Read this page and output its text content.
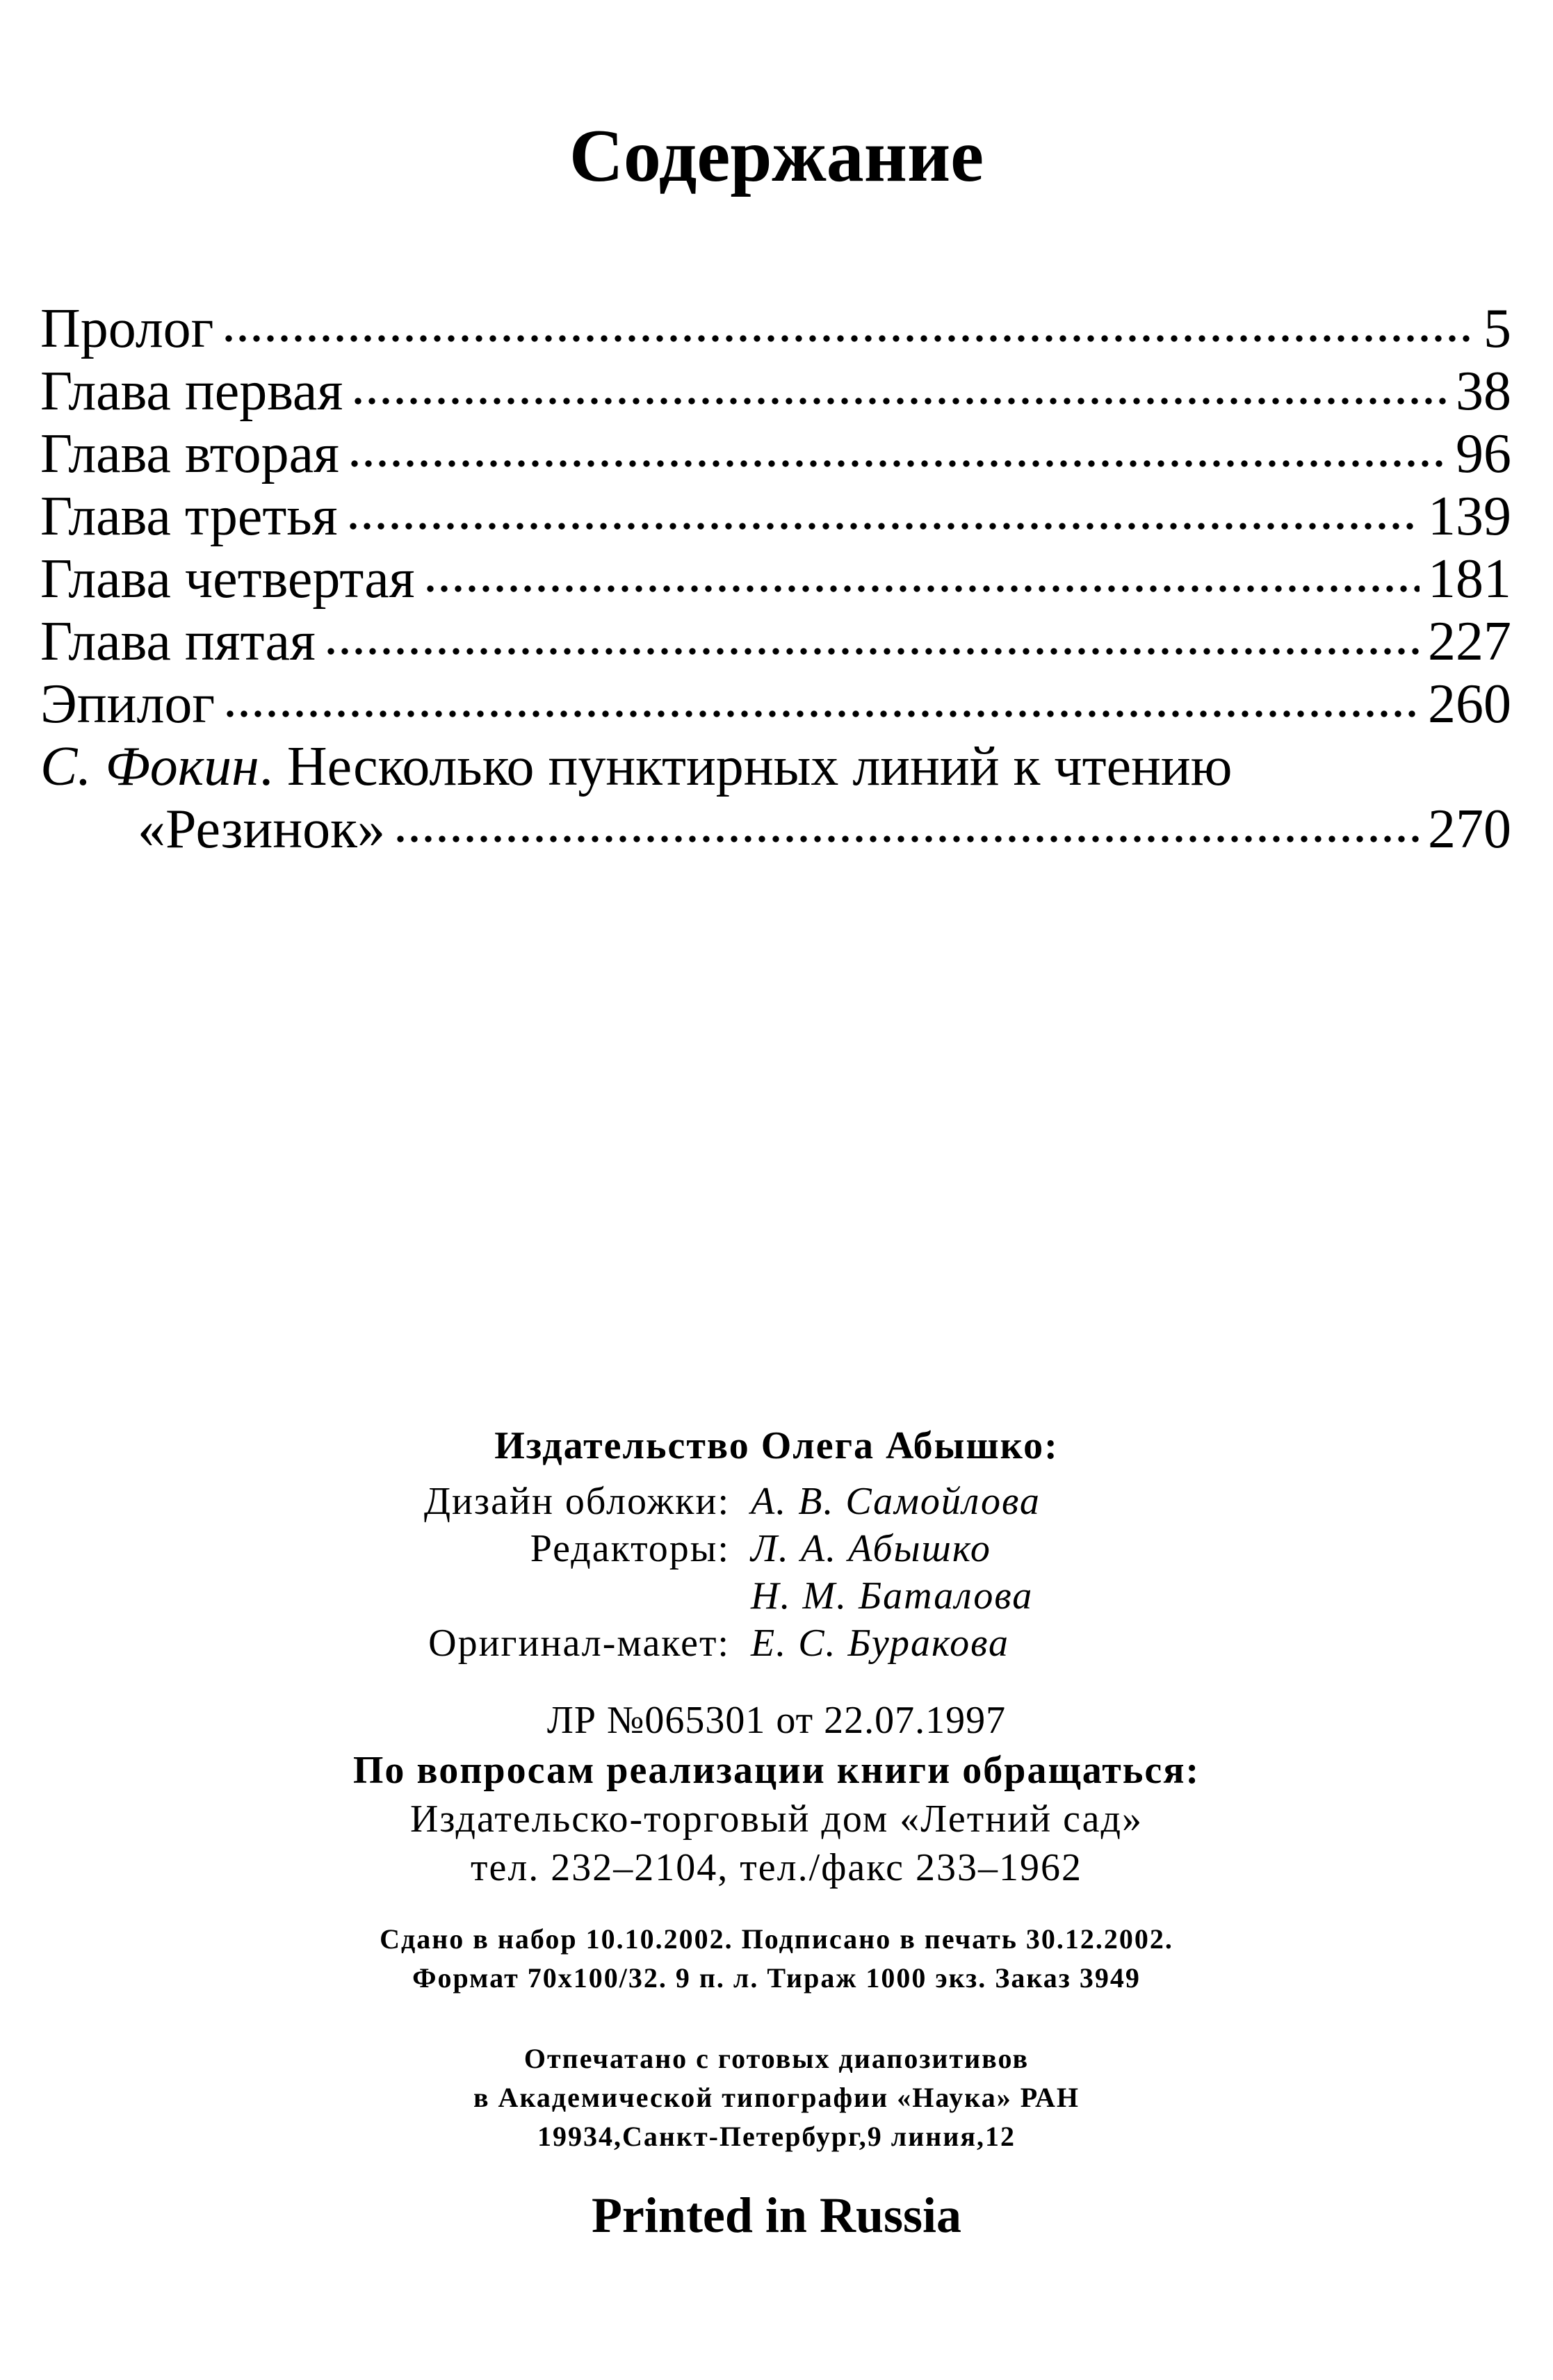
Содержание
Пролог	5
Глава первая	38
Глава вторая	96
Глава третья	139
Глава четвертая	181
Глава пятая	227
Эпилог	260
С. Фокин. Несколько пунктирных линий к чтению
«Резинок»	270
Издательство Олега Абышко:
Дизайн обложки: А. В. Самойлова
Редакторы: Л. А. Абышко
Н. М. Баталова
Оригинал-макет: Е. С. Буракова
ЛР №065301 от 22.07.1997
По вопросам реализации книги обращаться:
Издательско-торговый дом «Летний сад»
тел. 232–2104, тел./факс 233–1962
Сдано в набор 10.10.2002. Подписано в печать 30.12.2002.
Формат 70x100/32. 9 п. л. Тираж 1000 экз. Заказ 3949
Отпечатано с готовых диапозитивов
в Академической типографии «Наука» РАН
19934,Санкт-Петербург,9 линия,12
Printed in Russia
